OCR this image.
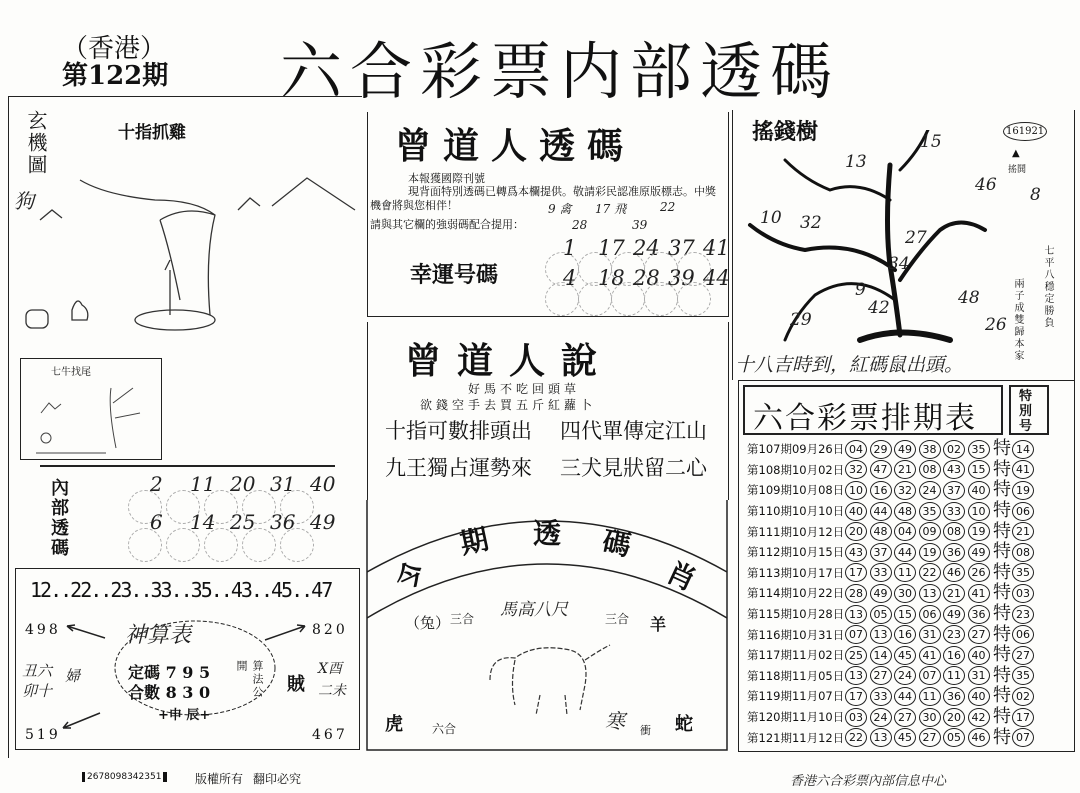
（香港）
第122期 六合彩票内部透碼
玄機圖
狗
十指抓雞
七牛找尾
內部透碼	2 11 20 31 40
6 14 25 36 49
12..22..23..33..35..43..45..47
神算表
498	820
519	467
定碼 7 9 5
合數 8 3 0	算法公開
+申 辰+
丑六
卯十
婦	賊
X酉
二未
曾道人透碼
本報獲國際刊號
現背面特別透碼已轉爲本欄提供。敬請彩民認准原版標志。中獎機會將與您相伴！
請與其它欄的強弱碼配合提用：
幸運号碼
9 禽 17 飛	22
28	39
1 17 24 37 41
4 18 28 39 44
曾道人說
好馬不吃回頭草
欲錢空手去買五斤紅蘿卜
十指可數排頭出 四代單傳定江山
九王獨占運勢來 三犬見狀留二心
今
期 透 碼
肖
（兔） 三合 馬高八尺	三合 羊
虎 六合	寒 衝 蛇
搖錢樹	161921
▲
搖鬨
15
13
46 8
10 32
27
34
9	48
29
42
26	七平八穩定勝負
兩子成雙歸本家
十八吉時到，紅碼鼠出頭。
六合彩票排期表
特別号
第107期09月26日 04 29 49 38 02 35 特 14
第108期10月02日 32 47 21 08 43 15 特 41
第109期10月08日 10 16 32 24 37 40 特 19
第110期10月10日 40 44 48 35 33 10 特 06
第111期10月12日 20 48 04 09 08 19 特 21
第112期10月15日 43 37 44 19 36 49 特 08
第113期10月17日 17 33 11 22 46 26 特 35
第114期10月22日 28 49 30 13 21 41 特 03
第115期10月28日 13 05 15 06 49 36 特 23
第116期10月31日 07 13 16 31 23 27 特 06
第117期11月02日 25 14 45 41 16 40 特 27
第118期11月05日 13 27 24 07 11 31 特 35
第119期11月07日 17 33 44 11 36 40 特 02
第120期11月10日 03 24 27 30 20 42 特 17
第121期11月12日 22 13 45 27 05 46 特 07
2678098342351	版權所有 翻印必究	香港六合彩票內部信息中心
